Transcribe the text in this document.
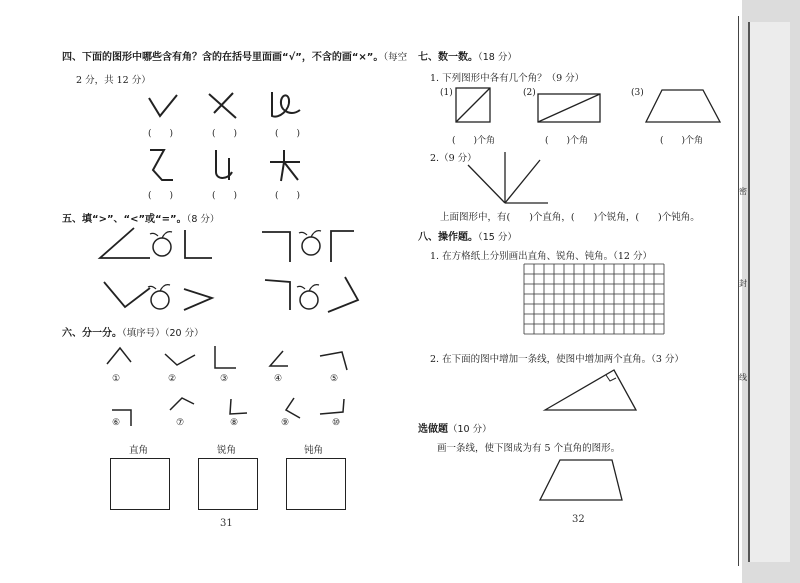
四、下面的图形中哪些含有角？含的在括号里面画“√”，不含的画“×”。（每空
2 分，共 12 分）
(　　)	(　　)	(　　)
(　　)	(　　)	(　　)
五、填“>”、“<”或“=”。（8 分）
六、分一分。（填序号）（20 分）
①	②	③	④	⑤
⑥	⑦	⑧	⑨	⑩
直角	锐角	钝角
31
七、数一数。（18 分）
1. 下列图形中各有几个角？（9 分）
(1)	(2)	(3)
(　　)个角	(　　)个角	(　　)个角
2.（9 分）
上面图形中，有(　　)个直角，(　　)个锐角，(　　)个钝角。
八、操作题。（15 分）
1. 在方格纸上分别画出直角、锐角、钝角。（12 分）
2. 在下面的图中增加一条线，使图中增加两个直角。（3 分）
选做题（10 分）
画一条线，使下图成为有 5 个直角的图形。
32
密
封
线
